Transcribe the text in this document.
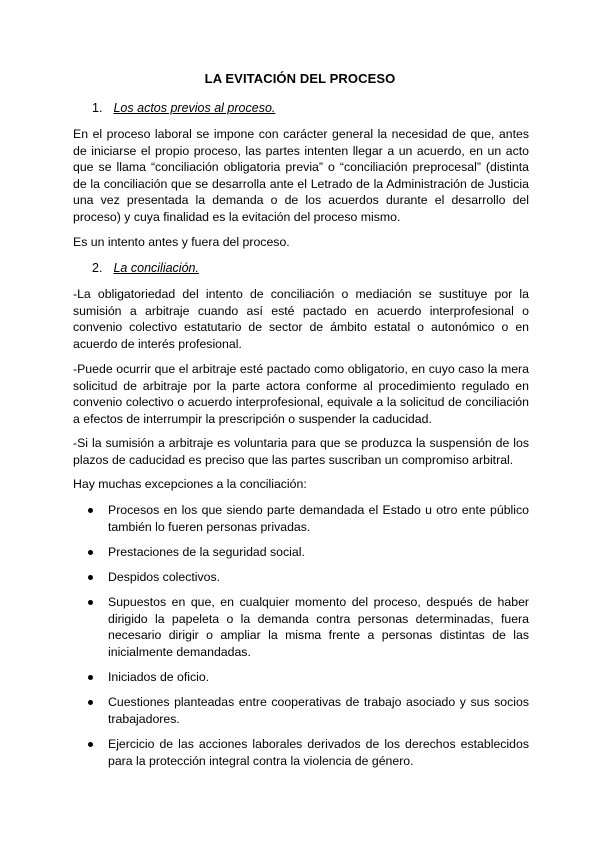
LA EVITACIÓN DEL PROCESO
1. Los actos previos al proceso.
En el proceso laboral se impone con carácter general la necesidad de que, antes de iniciarse el propio proceso, las partes intenten llegar a un acuerdo, en un acto que se llama “conciliación obligatoria previa” o “conciliación preprocesal” (distinta de la conciliación que se desarrolla ante el Letrado de la Administración de Justicia una vez presentada la demanda o de los acuerdos durante el desarrollo del proceso) y cuya finalidad es la evitación del proceso mismo.
Es un intento antes y fuera del proceso.
2. La conciliación.
-La obligatoriedad del intento de conciliación o mediación se sustituye por la sumisión a arbitraje cuando así esté pactado en acuerdo interprofesional o convenio colectivo estatutario de sector de ámbito estatal o autonómico o en acuerdo de interés profesional.
-Puede ocurrir que el arbitraje esté pactado como obligatorio, en cuyo caso la mera solicitud de arbitraje por la parte actora conforme al procedimiento regulado en convenio colectivo o acuerdo interprofesional, equivale a la solicitud de conciliación a efectos de interrumpir la prescripción o suspender la caducidad.
-Si la sumisión a arbitraje es voluntaria para que se produzca la suspensión de los plazos de caducidad es preciso que las partes suscriban un compromiso arbitral.
Hay muchas excepciones a la conciliación:
Procesos en los que siendo parte demandada el Estado u otro ente público también lo fueren personas privadas.
Prestaciones de la seguridad social.
Despidos colectivos.
Supuestos en que, en cualquier momento del proceso, después de haber dirigido la papeleta o la demanda contra personas determinadas, fuera necesario dirigir o ampliar la misma frente a personas distintas de las inicialmente demandadas.
Iniciados de oficio.
Cuestiones planteadas entre cooperativas de trabajo asociado y sus socios trabajadores.
Ejercicio de las acciones laborales derivados de los derechos establecidos para la protección integral contra la violencia de género.
